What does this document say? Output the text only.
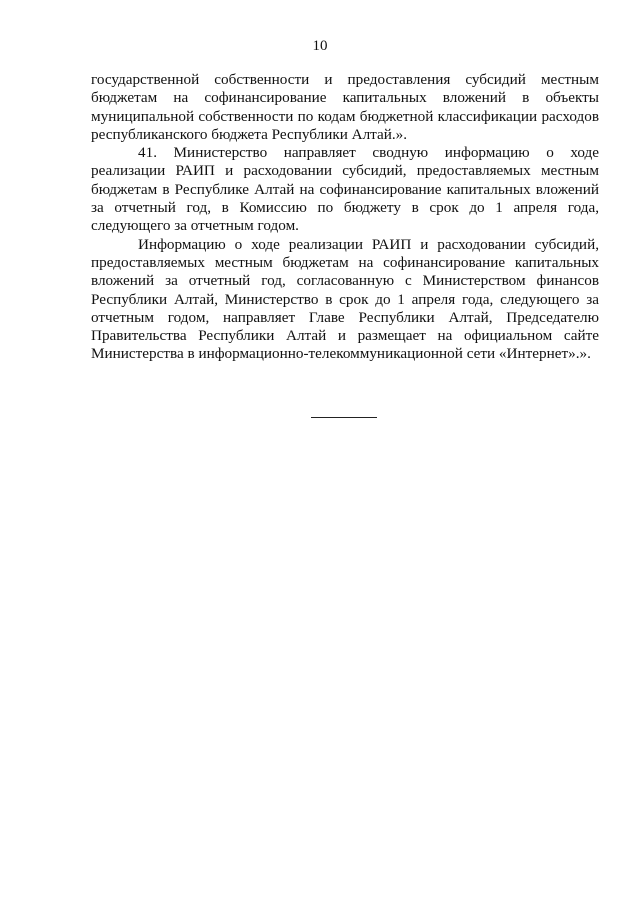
10

государственной собственности и предоставления субсидий местным бюджетам на софинансирование капитальных вложений в объекты муниципальной собственности по кодам бюджетной классификации расходов республиканского бюджета Республики Алтай.».

41. Министерство направляет сводную информацию о ходе реализации РАИП и расходовании субсидий, предоставляемых местным бюджетам в Республике Алтай на софинансирование капитальных вложений за отчетный год, в Комиссию по бюджету в срок до 1 апреля года, следующего за отчетным годом.

Информацию о ходе реализации РАИП и расходовании субсидий, предоставляемых местным бюджетам на софинансирование капитальных вложений за отчетный год, согласованную с Министерством финансов Республики Алтай, Министерство в срок до 1 апреля года, следующего за отчетным годом, направляет Главе Республики Алтай, Председателю Правительства Республики Алтай и размещает на официальном сайте Министерства в информационно-телекоммуникационной сети «Интернет».».
